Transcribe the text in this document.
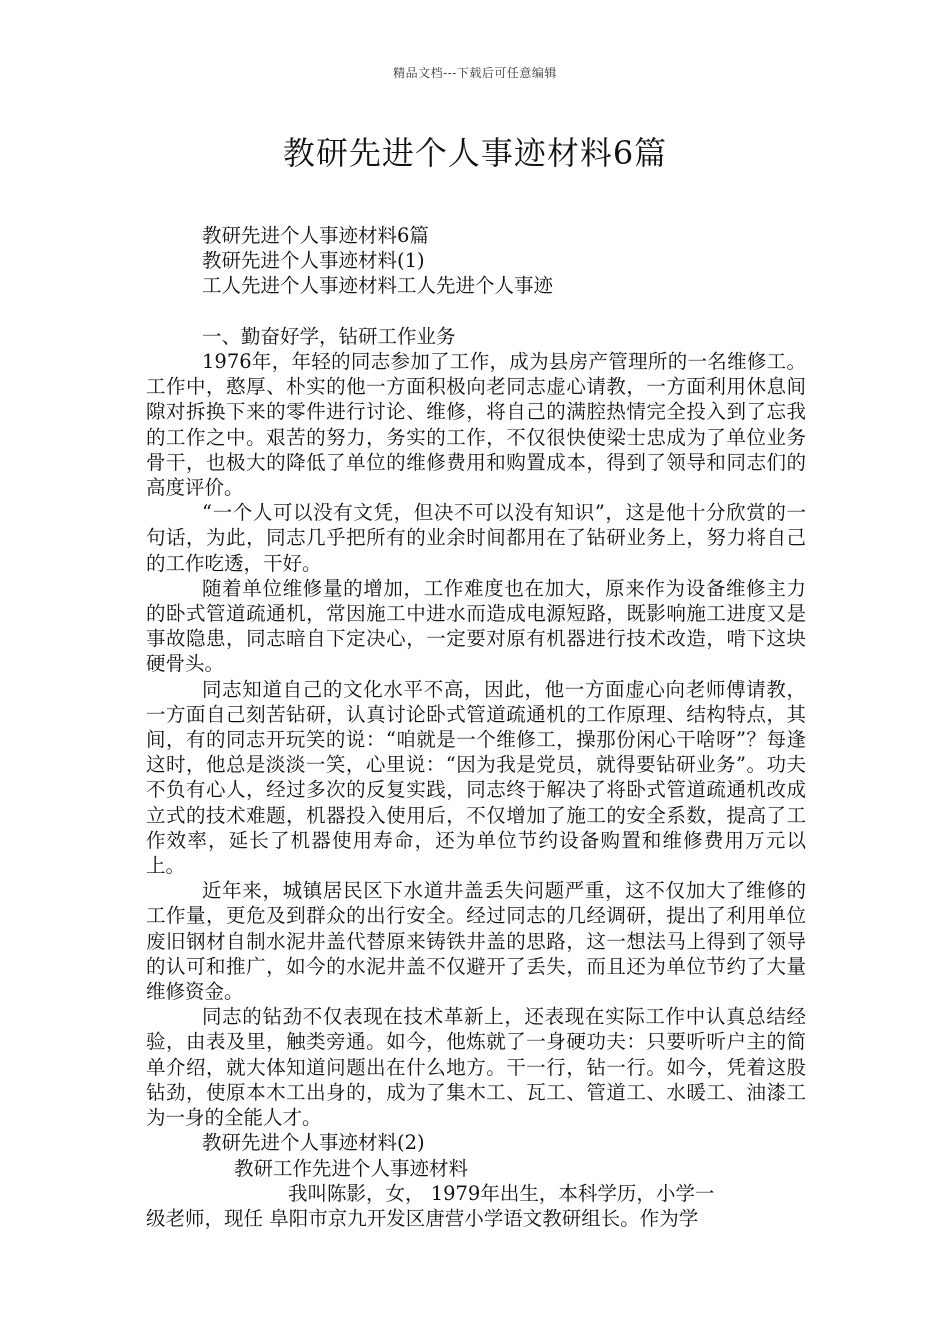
精品文档---下载后可任意编辑
教研先进个人事迹材料6篇
教研先进个人事迹材料6篇
教研先进个人事迹材料(1)
工人先进个人事迹材料工人先进个人事迹
一、勤奋好学，钻研工作业务

1976年，年轻的同志参加了工作，成为县房产管理所的一名维修工。工作中，憨厚、朴实的他一方面积极向老同志虚心请教，一方面利用休息间隙对拆换下来的零件进行讨论、维修，将自己的满腔热情完全投入到了忘我的工作之中。艰苦的努力，务实的工作，不仅很快使梁士忠成为了单位业务骨干，也极大的降低了单位的维修费用和购置成本，得到了领导和同志们的高度评价。

“一个人可以没有文凭，但决不可以没有知识”，这是他十分欣赏的一句话，为此，同志几乎把所有的业余时间都用在了钻研业务上，努力将自己的工作吃透，干好。

随着单位维修量的增加，工作难度也在加大，原来作为设备维修主力的卧式管道疏通机，常因施工中进水而造成电源短路，既影响施工进度又是事故隐患，同志暗自下定决心，一定要对原有机器进行技术改造，啃下这块硬骨头。

同志知道自己的文化水平不高，因此，他一方面虚心向老师傅请教，一方面自己刻苦钻研，认真讨论卧式管道疏通机的工作原理、结构特点，其间，有的同志开玩笑的说：“咱就是一个维修工，操那份闲心干啥呀”？每逢这时，他总是淡淡一笑，心里说：“因为我是党员，就得要钻研业务”。功夫不负有心人，经过多次的反复实践，同志终于解决了将卧式管道疏通机改成立式的技术难题，机器投入使用后，不仅增加了施工的安全系数，提高了工作效率，延长了机器使用寿命，还为单位节约设备购置和维修费用万元以上。

近年来，城镇居民区下水道井盖丢失问题严重，这不仅加大了维修的工作量，更危及到群众的出行安全。经过同志的几经调研，提出了利用单位废旧钢材自制水泥井盖代替原来铸铁井盖的思路，这一想法马上得到了领导的认可和推广，如今的水泥井盖不仅避开了丢失，而且还为单位节约了大量维修资金。

同志的钻劲不仅表现在技术革新上，还表现在实际工作中认真总结经验，由表及里，触类旁通。如今，他炼就了一身硬功夫：只要听听户主的简单介绍，就大体知道问题出在什么地方。干一行，钻一行。如今，凭着这股钻劲，使原本木工出身的，成为了集木工、瓦工、管道工、水暖工、油漆工为一身的全能人才。

教研先进个人事迹材料(2)
教研工作先进个人事迹材料
我叫陈影，女， 1979年出生，本科学历，小学一
级老师，现任 阜阳市京九开发区唐营小学语文教研组长。作为学
